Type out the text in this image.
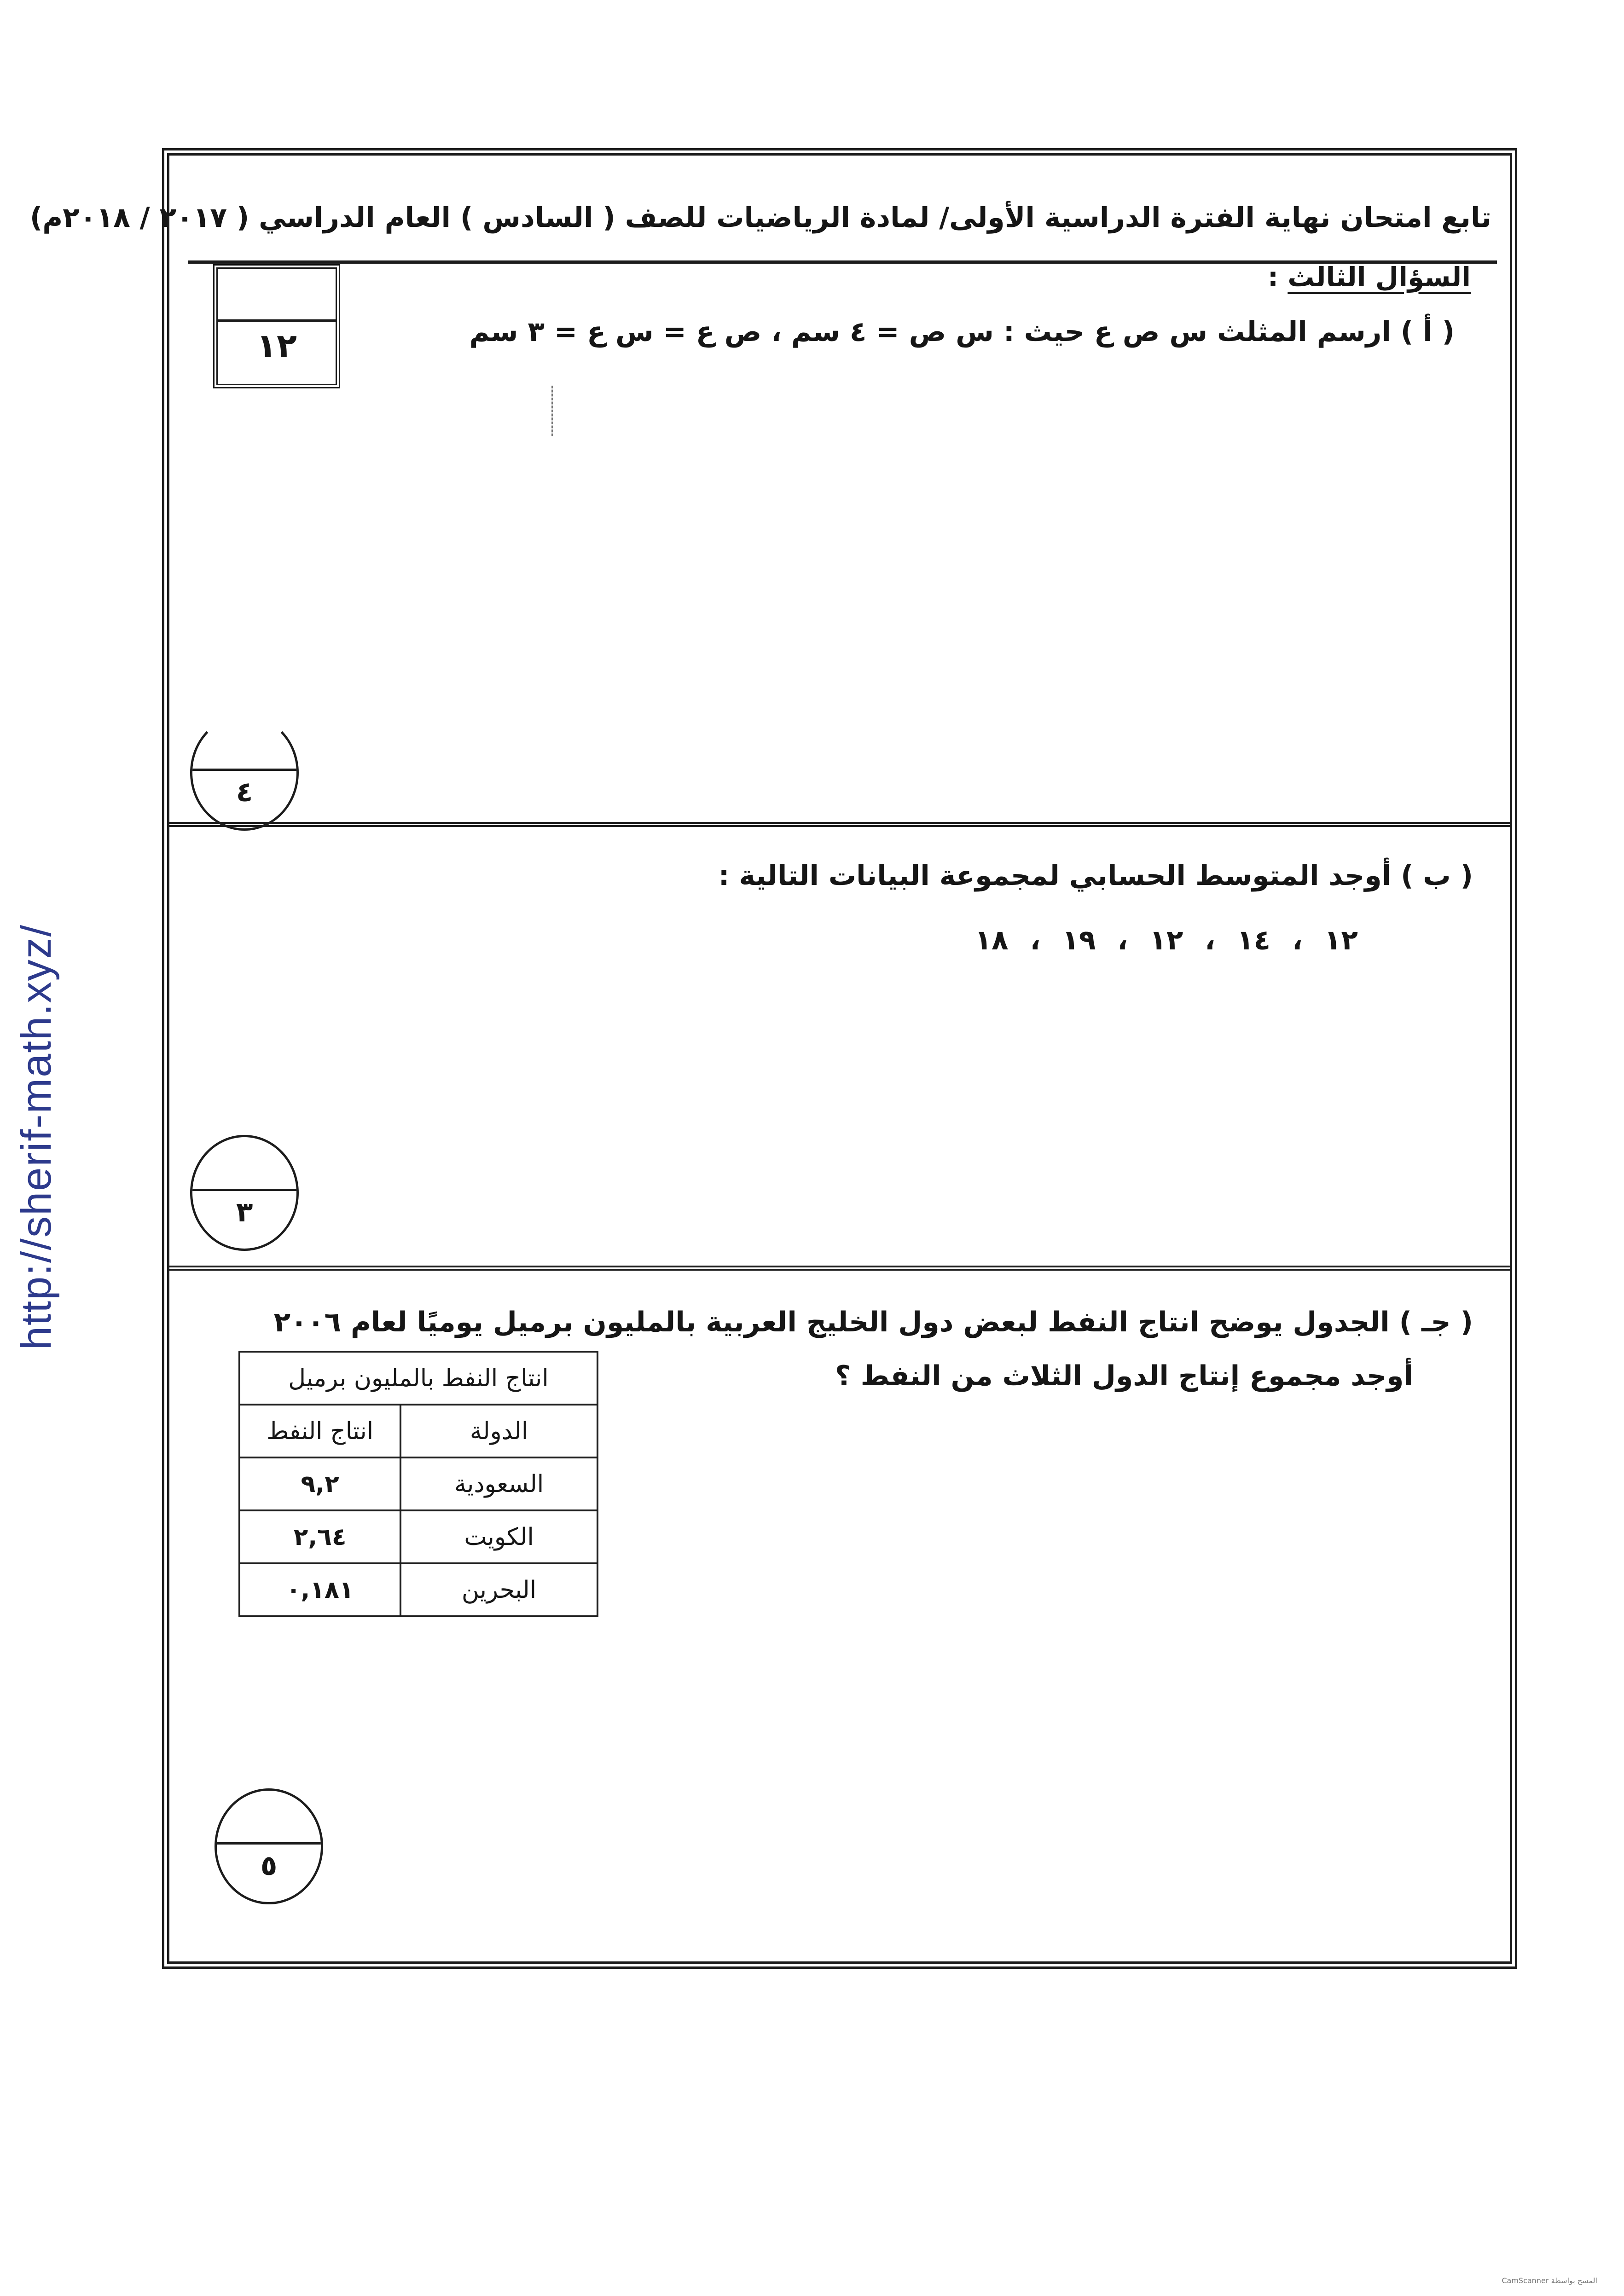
http://sherif-math.xyz/
تابع امتحان نهاية الفترة الدراسية الأولى/ لمادة الرياضيات للصف ( السادس ) العام الدراسي ( ٢٠١٧ / ٢٠١٨م)
١٢
السؤال الثالث :
( أ ) ارسم المثلث س ص ع حيث : س ص = ٤ سم ، ص ع = س ع = ٣ سم
٤
( ب ) أوجد المتوسط الحسابي لمجموعة البيانات التالية :
١٢ ، ١٤ ، ١٢ ، ١٩ ، ١٨
٣
( جـ ) الجدول يوضح انتاج النفط لبعض دول الخليج العربية بالمليون برميل يوميًا لعام ٢٠٠٦
أوجد مجموع إنتاج الدول الثلاث من النفط ؟
انتاج النفط بالمليون برميل	
الدولة	انتاج النفط
السعودية	٩,٢
الكويت	٢,٦٤
البحرين	٠,١٨١
٥
CamScanner المسح بواسطة
